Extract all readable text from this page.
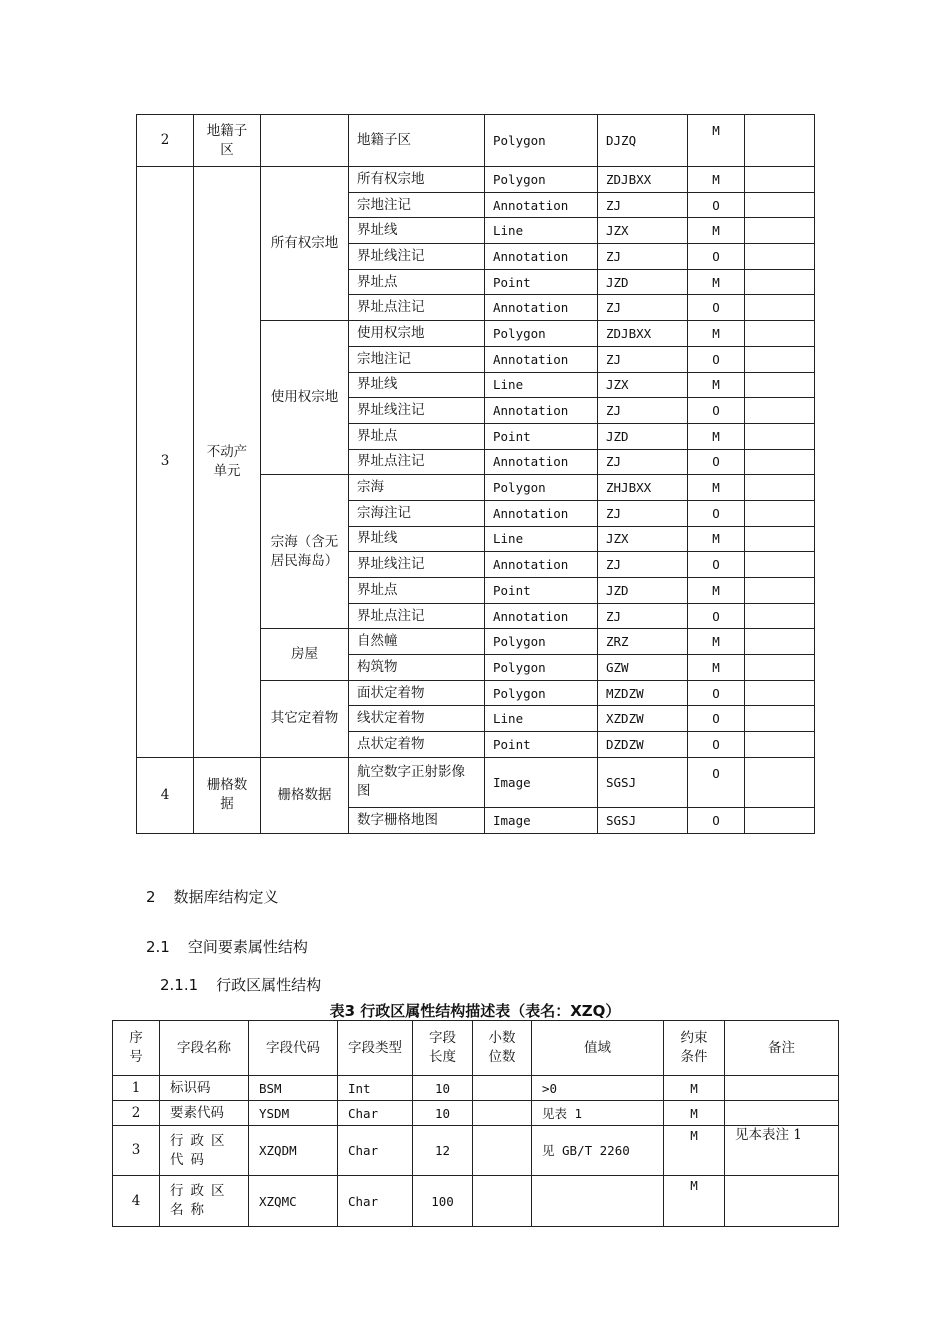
2	地籍子区		地籍子区	Polygon	DJZQ	M	
3	不动产单元	所有权宗地	所有权宗地	Polygon	ZDJBXX	M	
			宗地注记	Annotation	ZJ	O	
			界址线	Line	JZX	M	
			界址线注记	Annotation	ZJ	O	
			界址点	Point	JZD	M	
			界址点注记	Annotation	ZJ	O	
		使用权宗地	使用权宗地	Polygon	ZDJBXX	M	
			宗地注记	Annotation	ZJ	O	
			界址线	Line	JZX	M	
			界址线注记	Annotation	ZJ	O	
			界址点	Point	JZD	M	
			界址点注记	Annotation	ZJ	O	
		宗海（含无居民海岛）	宗海	Polygon	ZHJBXX	M	
			宗海注记	Annotation	ZJ	O	
			界址线	Line	JZX	M	
			界址线注记	Annotation	ZJ	O	
			界址点	Point	JZD	M	
			界址点注记	Annotation	ZJ	O	
		房屋	自然幢	Polygon	ZRZ	M	
			构筑物	Polygon	GZW	M	
		其它定着物	面状定着物	Polygon	MZDZW	O	
			线状定着物	Line	XZDZW	O	
			点状定着物	Point	DZDZW	O	
4	栅格数据	栅格数据	航空数字正射影像图	Image	SGSJ	O	
			数字栅格地图	Image	SGSJ	O	
2 数据库结构定义
2.1 空间要素属性结构
2.1.1 行政区属性结构
表3 行政区属性结构描述表（表名：XZQ）
序号	字段名称	字段代码	字段类型	字段长度	小数位数	值域	约束条件	备注
1	标识码	BSM	Int	10		>0	M	
2	要素代码	YSDM	Char	10		见表 1	M	
3	行政区代码	XZQDM	Char	12		见 GB/T 2260	M	见本表注 1
4	行政区名称	XZQMC	Char	100			M	
